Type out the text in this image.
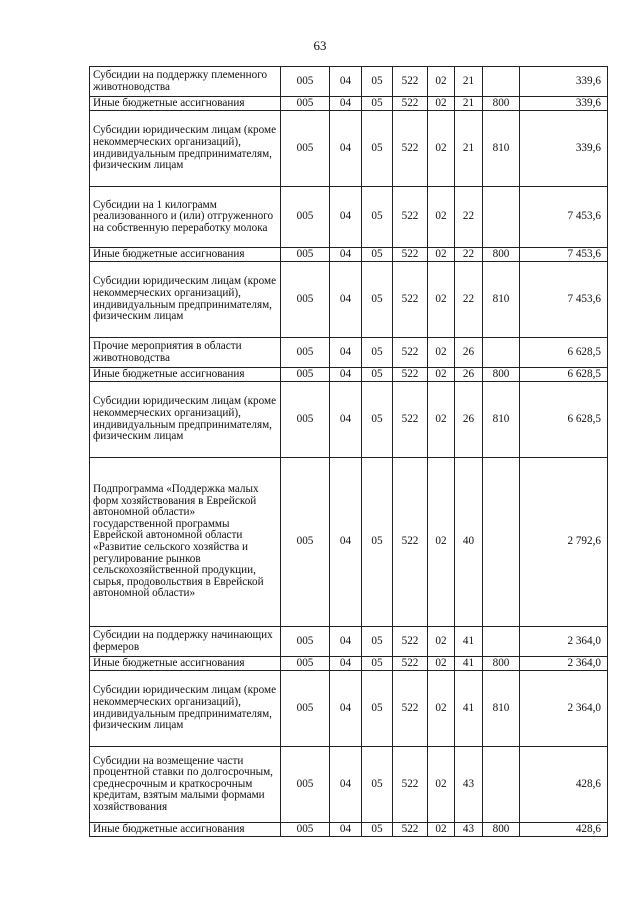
63
Субсидии на поддержку племенного животноводства	005	04	05	522	02	21		339,6
Иные бюджетные ассигнования	005	04	05	522	02	21	800	339,6
Субсидии юридическим лицам (кроме некоммерческих организаций), индивидуальным предпринимателям, физическим лицам	005	04	05	522	02	21	810	339,6
Субсидии на 1 килограмм реализованного и (или) отгруженного на собственную переработку молока	005	04	05	522	02	22		7 453,6
Иные бюджетные ассигнования	005	04	05	522	02	22	800	7 453,6
Субсидии юридическим лицам (кроме некоммерческих организаций), индивидуальным предпринимателям, физическим лицам	005	04	05	522	02	22	810	7 453,6
Прочие мероприятия в области животноводства	005	04	05	522	02	26		6 628,5
Иные бюджетные ассигнования	005	04	05	522	02	26	800	6 628,5
Субсидии юридическим лицам (кроме некоммерческих организаций), индивидуальным предпринимателям, физическим лицам	005	04	05	522	02	26	810	6 628,5
Подпрограмма «Поддержка малых форм хозяйствования в Еврейской автономной области» государственной программы Еврейской автономной области «Развитие сельского хозяйства и регулирование рынков сельскохозяйственной продукции, сырья, продовольствия в Еврейской автономной области»	005	04	05	522	02	40		2 792,6
Субсидии на поддержку начинающих фермеров	005	04	05	522	02	41		2 364,0
Иные бюджетные ассигнования	005	04	05	522	02	41	800	2 364,0
Субсидии юридическим лицам (кроме некоммерческих организаций), индивидуальным предпринимателям, физическим лицам	005	04	05	522	02	41	810	2 364,0
Субсидии на возмещение части процентной ставки по долгосрочным, среднесрочным и краткосрочным кредитам, взятым малыми формами хозяйствования	005	04	05	522	02	43		428,6
Иные бюджетные ассигнования	005	04	05	522	02	43	800	428,6
